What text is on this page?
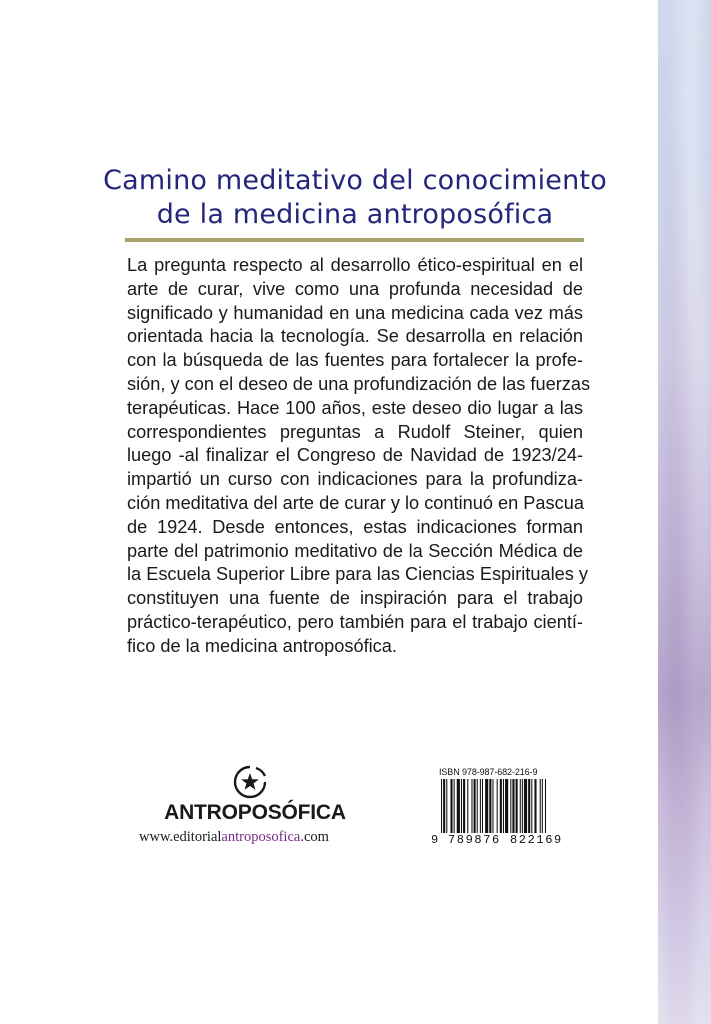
Camino meditativo del conocimiento
de la medicina antroposófica
La pregunta respecto al desarrollo ético-espiritual en el
arte de curar, vive como una profunda necesidad de
significado y humanidad en una medicina cada vez más
orientada hacia la tecnología. Se desarrolla en relación
con la búsqueda de las fuentes para fortalecer la profe-
sión, y con el deseo de una profundización de las fuerzas
terapéuticas. Hace 100 años, este deseo dio lugar a las
correspondientes preguntas a Rudolf Steiner, quien
luego -al finalizar el Congreso de Navidad de 1923/24-
impartió un curso con indicaciones para la profundiza-
ción meditativa del arte de curar y lo continuó en Pascua
de 1924. Desde entonces, estas indicaciones forman
parte del patrimonio meditativo de la Sección Médica de
la Escuela Superior Libre para las Ciencias Espirituales y
constituyen una fuente de inspiración para el trabajo
práctico-terapéutico, pero también para el trabajo cientí-
fico de la medicina antroposófica.
ANTROPOSÓFICA
www.editorialantroposofica.com
ISBN 978-987-682-216-9
9 789876 822169
